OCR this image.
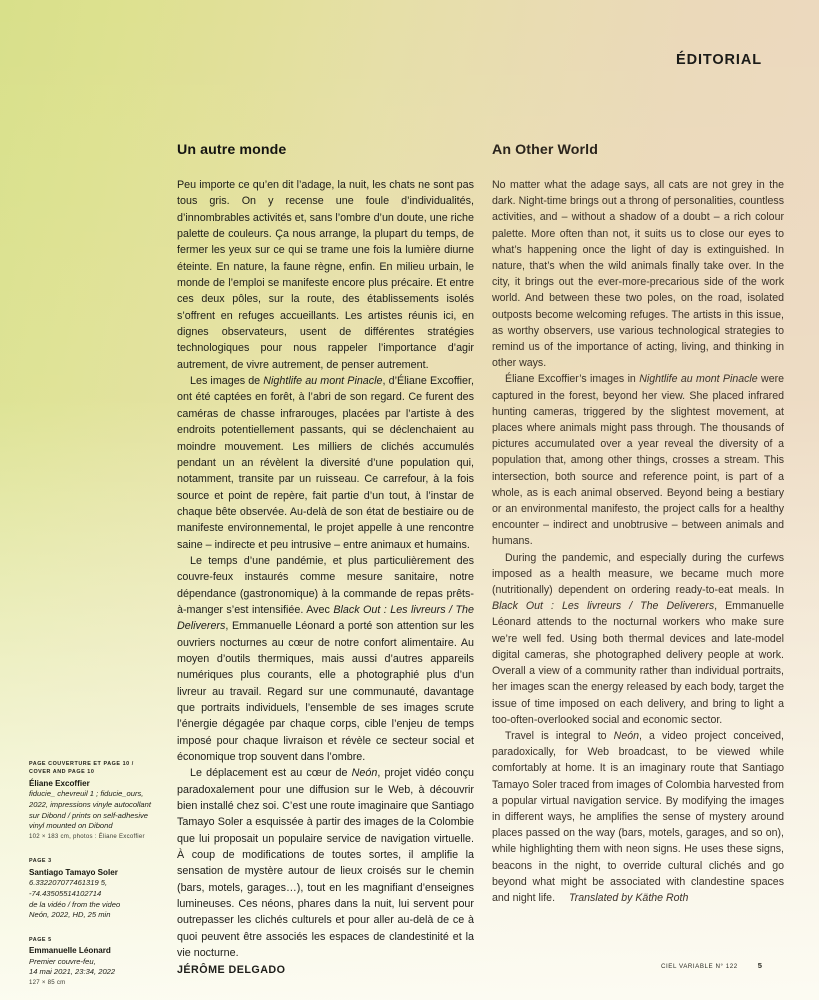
ÉDITORIAL
Un autre monde

Peu importe ce qu’en dit l’adage, la nuit, les chats ne sont pas tous gris. On y recense une foule d’individualités, d’innombrables activités et, sans l’ombre d’un doute, une riche palette de couleurs. Ça nous arrange, la plupart du temps, de fermer les yeux sur ce qui se trame une fois la lumière diurne éteinte. En nature, la faune règne, enfin. En milieu urbain, le monde de l’emploi se manifeste encore plus précaire. Et entre ces deux pôles, sur la route, des établissements isolés s’offrent en refuges accueillants. Les artistes réunis ici, en dignes observateurs, usent de différentes stratégies technologiques pour nous rappeler l’importance d’agir autrement, de vivre autrement, de penser autrement.

Les images de Nightlife au mont Pinacle, d’Éliane Excoffier, ont été captées en forêt, à l’abri de son regard. Ce furent des caméras de chasse infrarouges, placées par l’artiste à des endroits potentiellement passants, qui se déclenchaient au moindre mouvement. Les milliers de clichés accumulés pendant un an révèlent la diversité d’une population qui, notamment, transite par un ruisseau. Ce carrefour, à la fois source et point de repère, fait partie d’un tout, à l’instar de chaque bête observée. Au-delà de son état de bestiaire ou de manifeste environnemental, le projet appelle à une rencontre saine – indirecte et peu intrusive – entre animaux et humains.

Le temps d’une pandémie, et plus particulièrement des couvre-feux instaurés comme mesure sanitaire, notre dépendance (gastronomique) à la commande de repas prêts-à-manger s’est intensifiée. Avec Black Out : Les livreurs / The Deliverers, Emmanuelle Léonard a porté son attention sur les ouvriers nocturnes au cœur de notre confort alimentaire. Au moyen d’outils thermiques, mais aussi d’autres appareils numériques plus courants, elle a photographié plus d’un livreur au travail. Regard sur une communauté, davantage que portraits individuels, l’ensemble de ses images scrute l’énergie dégagée par chaque corps, cible l’enjeu de temps imposé pour chaque livraison et révèle ce secteur social et économique trop souvent dans l’ombre.

Le déplacement est au cœur de Neón, projet vidéo conçu paradoxalement pour une diffusion sur le Web, à découvrir bien installé chez soi. C’est une route imaginaire que Santiago Tamayo Soler a esquissée à partir des images de la Colombie que lui proposait un populaire service de navigation virtuelle. À coup de modifications de toutes sortes, il amplifie la sensation de mystère autour de lieux croisés sur le chemin (bars, motels, garages…), tout en les magnifiant d’enseignes lumineuses. Ces néons, phares dans la nuit, lui servent pour outrepasser les clichés culturels et pour aller au-delà de ce à quoi peuvent être associés les espaces de clandestinité et la vie nocturne.

JÉRÔME DELGADO

An Other World

No matter what the adage says, all cats are not grey in the dark. Night-time brings out a throng of personalities, countless activities, and – without a shadow of a doubt – a rich colour palette. More often than not, it suits us to close our eyes to what’s happening once the light of day is extinguished. In nature, that’s when the wild animals finally take over. In the city, it brings out the ever-more-precarious side of the work world. And between these two poles, on the road, isolated outposts become welcoming refuges. The artists in this issue, as worthy observers, use various technological strategies to remind us of the importance of acting, living, and thinking in other ways.

Éliane Excoffier’s images in Nightlife au mont Pinacle were captured in the forest, beyond her view. She placed infrared hunting cameras, triggered by the slightest movement, at places where animals might pass through. The thousands of pictures accumulated over a year reveal the diversity of a population that, among other things, crosses a stream. This intersection, both source and reference point, is part of a whole, as is each animal observed. Beyond being a bestiary or an environmental manifesto, the project calls for a healthy encounter – indirect and unobtrusive – between animals and humans.

During the pandemic, and especially during the curfews imposed as a health measure, we became much more (nutritionally) dependent on ordering ready-to-eat meals. In Black Out : Les livreurs / The Deliverers, Emmanuelle Léonard attends to the nocturnal workers who make sure we’re well fed. Using both thermal devices and late-model digital cameras, she photographed delivery people at work. Overall a view of a community rather than individual portraits, her images scan the energy released by each body, target the issue of time imposed on each delivery, and bring to light a too-often-overlooked social and economic sector.

Travel is integral to Neón, a video project conceived, paradoxically, for Web broadcast, to be viewed while comfortably at home. It is an imaginary route that Santiago Tamayo Soler traced from images of Colombia harvested from a popular virtual navigation service. By modifying the images in different ways, he amplifies the sense of mystery around places passed on the way (bars, motels, garages, and so on), while highlighting them with neon signs. He uses these signs, beacons in the night, to override cultural clichés and go beyond what might be associated with clandestine spaces and night life. Translated by Käthe Roth

PAGE COUVERTURE ET PAGE 10 /
COVER AND PAGE 10
Éliane Excoffier
fiducie_ chevreuil 1 ; fiducie_ours,
2022, impressions vinyle autocollant
sur Dibond / prints on self-adhesive
vinyl mounted on Dibond
102 × 183 cm, photos : Éliane Excoffier
PAGE 3
Santiago Tamayo Soler
6.332207077461319 5, -74.43505514102714
de la vidéo / from the video
Neón, 2022, HD, 25 min
PAGE 5
Emmanuelle Léonard
Premier couvre-feu,
14 mai 2021, 23:34, 2022
127 × 85 cm
CIEL VARIABLE N° 122	5
